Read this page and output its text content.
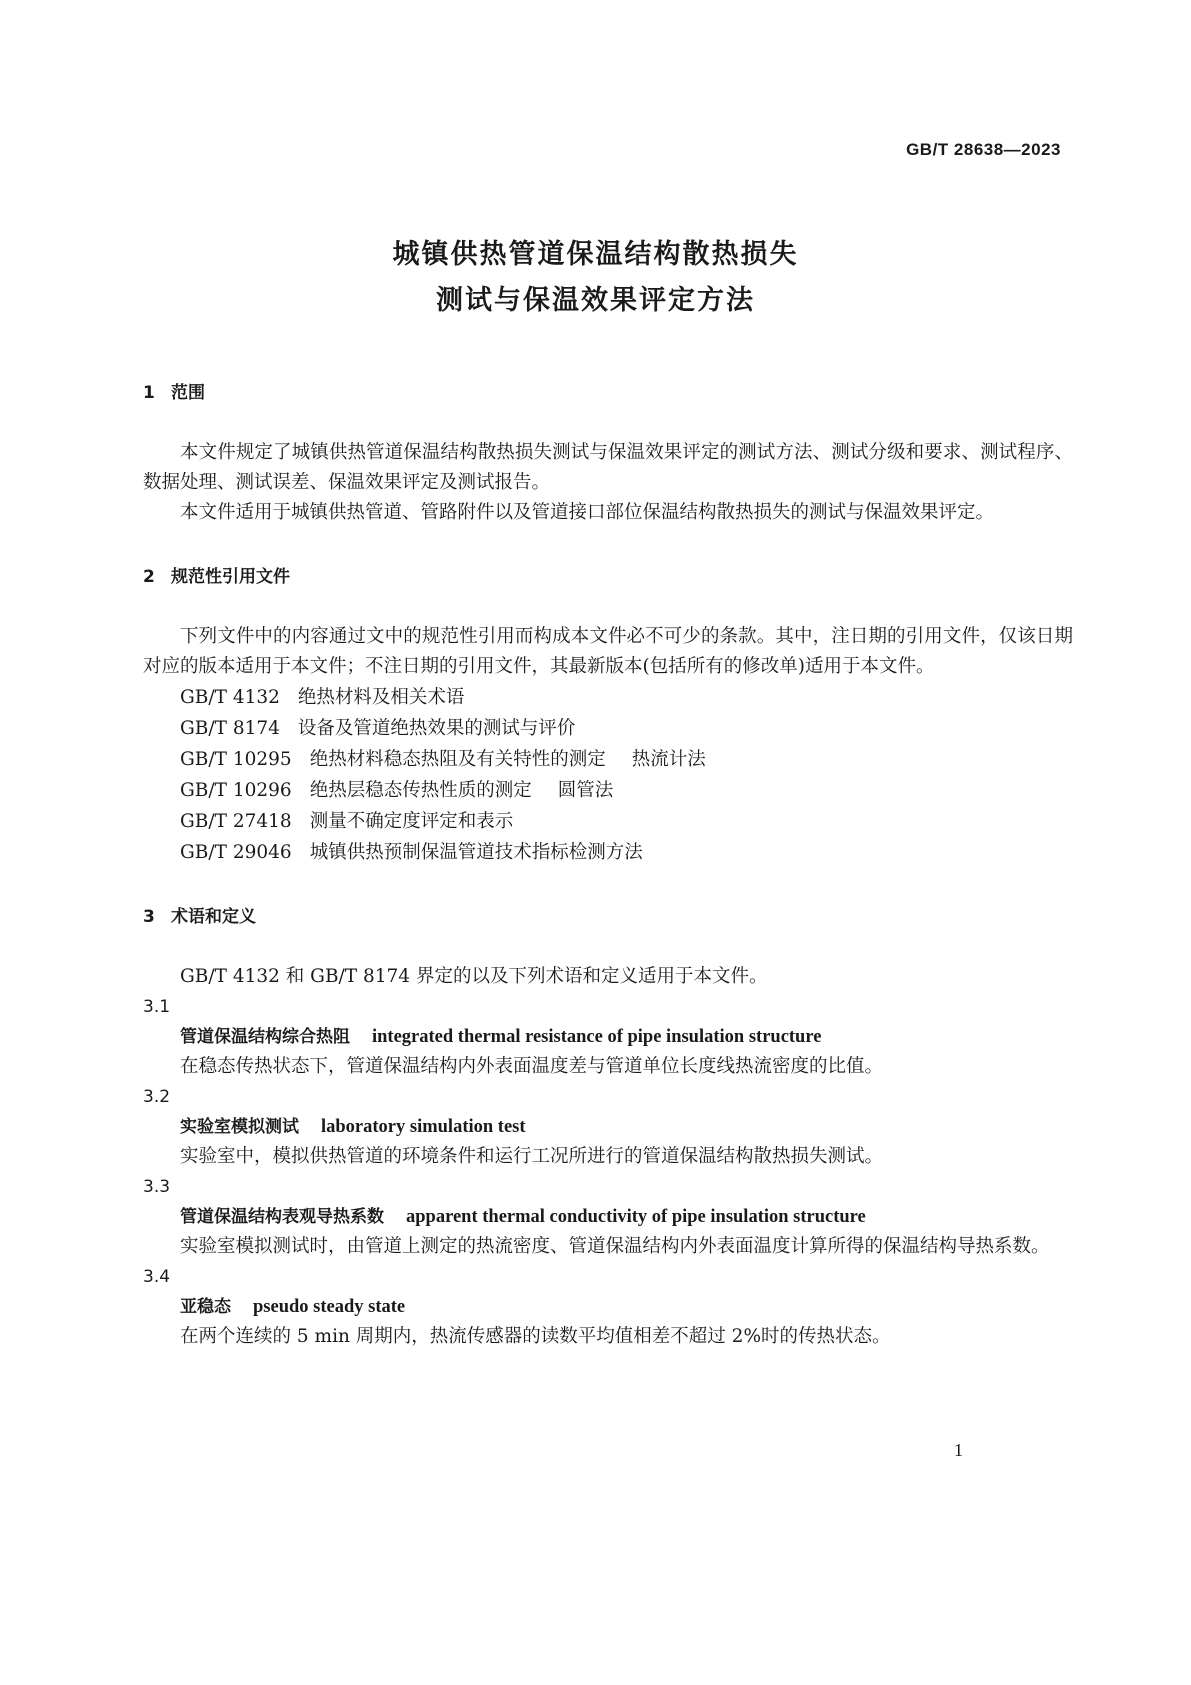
GB/T 28638—2023
城镇供热管道保温结构散热损失
测试与保温效果评定方法
1 范围

本文件规定了城镇供热管道保温结构散热损失测试与保温效果评定的测试方法、测试分级和要求、测试程序、数据处理、测试误差、保温效果评定及测试报告。

本文件适用于城镇供热管道、管路附件以及管道接口部位保温结构散热损失的测试与保温效果评定。

2 规范性引用文件

下列文件中的内容通过文中的规范性引用而构成本文件必不可少的条款。其中，注日期的引用文件，仅该日期对应的版本适用于本文件；不注日期的引用文件，其最新版本(包括所有的修改单)适用于本文件。

GB/T 4132 绝热材料及相关术语
GB/T 8174 设备及管道绝热效果的测试与评价
GB/T 10295 绝热材料稳态热阻及有关特性的测定 热流计法
GB/T 10296 绝热层稳态传热性质的测定 圆管法
GB/T 27418 测量不确定度评定和表示
GB/T 29046 城镇供热预制保温管道技术指标检测方法
3 术语和定义

GB/T 4132 和 GB/T 8174 界定的以及下列术语和定义适用于本文件。

3.1
管道保温结构综合热阻 integrated thermal resistance of pipe insulation structure

在稳态传热状态下，管道保温结构内外表面温度差与管道单位长度线热流密度的比值。

3.2
实验室模拟测试 laboratory simulation test

实验室中，模拟供热管道的环境条件和运行工况所进行的管道保温结构散热损失测试。

3.3
管道保温结构表观导热系数 apparent thermal conductivity of pipe insulation structure

实验室模拟测试时，由管道上测定的热流密度、管道保温结构内外表面温度计算所得的保温结构导热系数。

3.4
亚稳态 pseudo steady state

在两个连续的 5 min 周期内，热流传感器的读数平均值相差不超过 2%时的传热状态。

1
